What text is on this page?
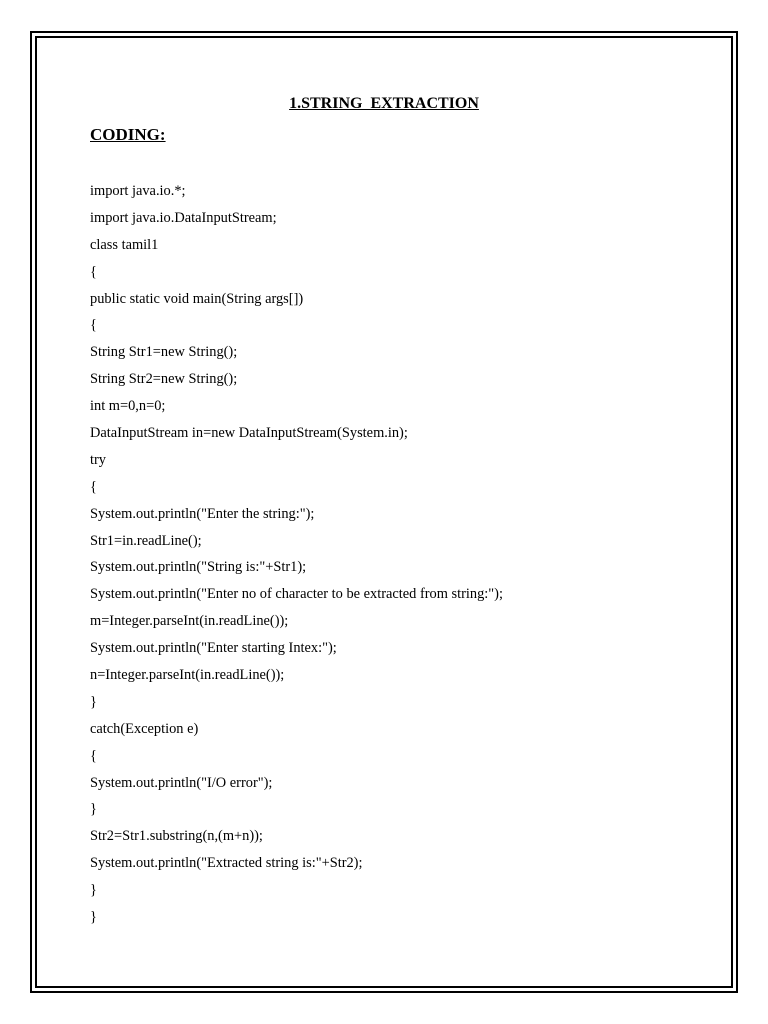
1.STRING  EXTRACTION
CODING:
import java.io.*;
import java.io.DataInputStream;
class tamil1
{
public static void main(String args[])
{
String Str1=new String();
String Str2=new String();
int m=0,n=0;
DataInputStream in=new DataInputStream(System.in);
try
{
System.out.println("Enter the string:");
Str1=in.readLine();
System.out.println("String is:"+Str1);
System.out.println("Enter no of character to be extracted from string:");
m=Integer.parseInt(in.readLine());
System.out.println("Enter starting Intex:");
n=Integer.parseInt(in.readLine());
}
catch(Exception e)
{
System.out.println("I/O error");
}
Str2=Str1.substring(n,(m+n));
System.out.println("Extracted string is:"+Str2);
}
}
